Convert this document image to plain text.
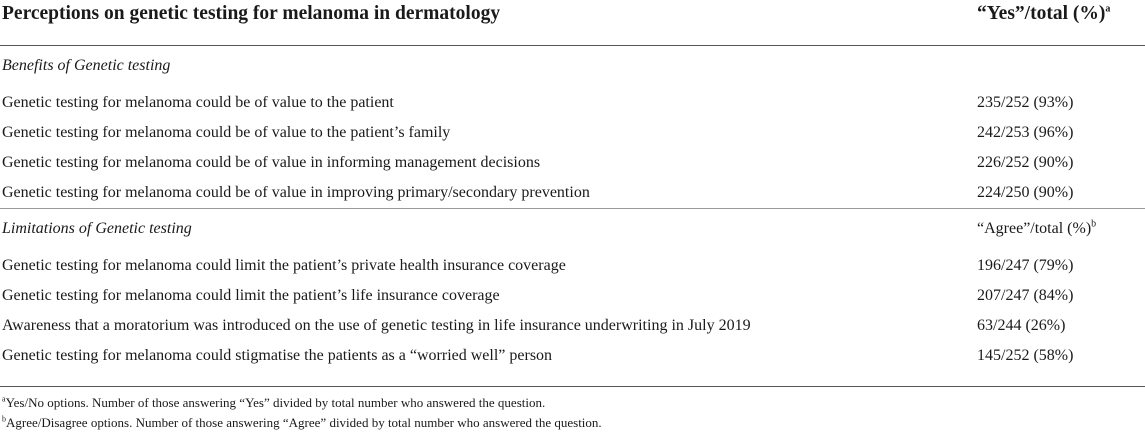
Perceptions on genetic testing for melanoma in dermatology	“Yes”/total (%)$^a$
Benefits of Genetic testing
Genetic testing for melanoma could be of value to the patient	235/252 (93%)
Genetic testing for melanoma could be of value to the patient’s family	242/253 (96%)
Genetic testing for melanoma could be of value in informing management decisions	226/252 (90%)
Genetic testing for melanoma could be of value in improving primary/secondary prevention	224/250 (90%)
Limitations of Genetic testing	“Agree”/total (%)$^b$
Genetic testing for melanoma could limit the patient’s private health insurance coverage	196/247 (79%)
Genetic testing for melanoma could limit the patient’s life insurance coverage	207/247 (84%)
Awareness that a moratorium was introduced on the use of genetic testing in life insurance underwriting in July 2019	63/244 (26%)
Genetic testing for melanoma could stigmatise the patients as a “worried well” person	145/252 (58%)
$^a$Yes/No options. Number of those answering “Yes” divided by total number who answered the question.
$^b$Agree/Disagree options. Number of those answering “Agree” divided by total number who answered the question.
